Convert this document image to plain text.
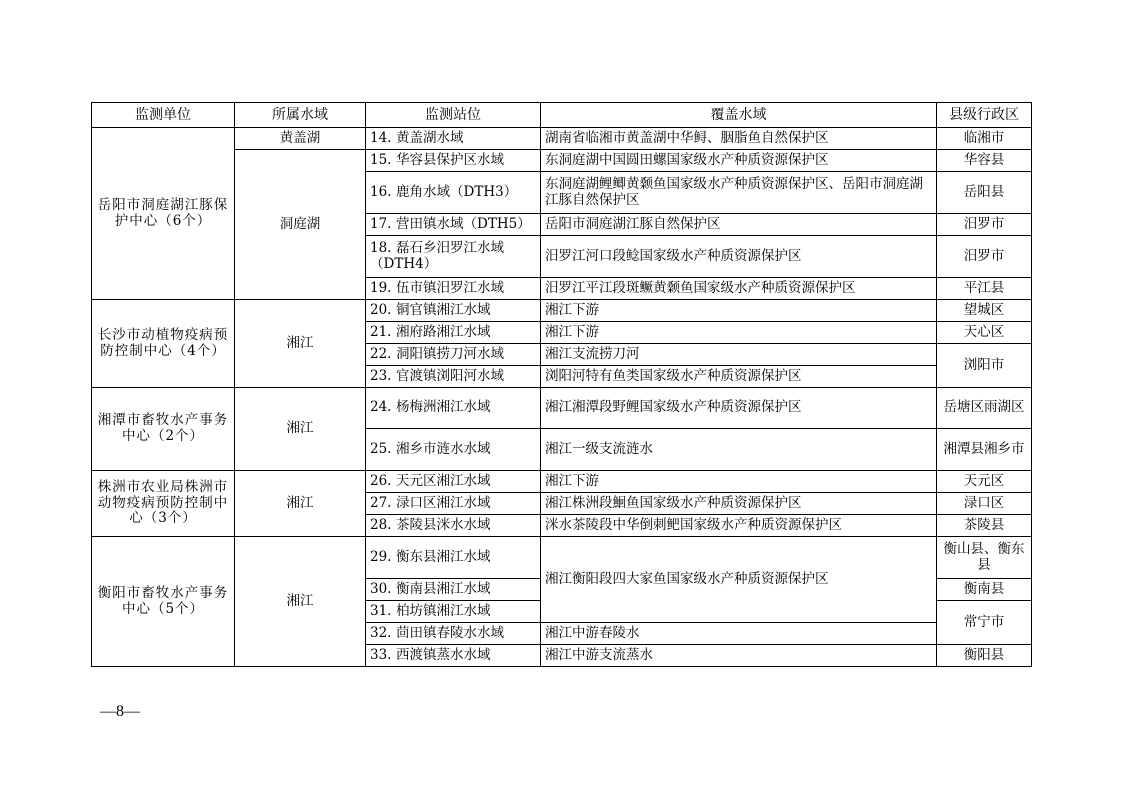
监测单位	所属水域	监测站位	覆盖水域	县级行政区
岳阳市洞庭湖江豚保护中心（6个）	黄盖湖	14. 黄盖湖水域	湖南省临湘市黄盖湖中华鲟、胭脂鱼自然保护区	临湘市
	洞庭湖	15. 华容县保护区水域	东洞庭湖中国圆田螺国家级水产种质资源保护区	华容县
		16. 鹿角水域（DTH3）	东洞庭湖鲤鲫黄颡鱼国家级水产种质资源保护区、岳阳市洞庭湖江豚自然保护区	岳阳县
		17. 营田镇水域（DTH5）	岳阳市洞庭湖江豚自然保护区	汨罗市
		18. 磊石乡汨罗江水域（DTH4）	汨罗江河口段鲶国家级水产种质资源保护区	汨罗市
		19. 伍市镇汨罗江水域	汨罗江平江段斑鳜黄颡鱼国家级水产种质资源保护区	平江县
长沙市动植物疫病预防控制中心（4个）	湘江	20. 铜官镇湘江水域	湘江下游	望城区
		21. 湘府路湘江水域	湘江下游	天心区
		22. 洞阳镇捞刀河水域	湘江支流捞刀河	浏阳市
		23. 官渡镇浏阳河水域	浏阳河特有鱼类国家级水产种质资源保护区	
湘潭市畜牧水产事务中心（2个）	湘江	24. 杨梅洲湘江水域	湘江湘潭段野鲤国家级水产种质资源保护区	岳塘区雨湖区
		25. 湘乡市涟水水域	湘江一级支流涟水	湘潭县湘乡市
株洲市农业局株洲市动物疫病预防控制中心（3个）	湘江	26. 天元区湘江水域	湘江下游	天元区
		27. 渌口区湘江水域	湘江株洲段鮰鱼国家级水产种质资源保护区	渌口区
		28. 茶陵县洣水水域	洣水茶陵段中华倒刺鲃国家级水产种质资源保护区	茶陵县
衡阳市畜牧水产事务中心（5个）	湘江	29. 衡东县湘江水域	湘江衡阳段四大家鱼国家级水产种质资源保护区	衡山县、衡东县
		30. 衡南县湘江水域		衡南县
		31. 柏坊镇湘江水域		常宁市
		32. 茴田镇春陵水水域	湘江中游春陵水	
		33. 西渡镇蒸水水域	湘江中游支流蒸水	衡阳县
—8—
